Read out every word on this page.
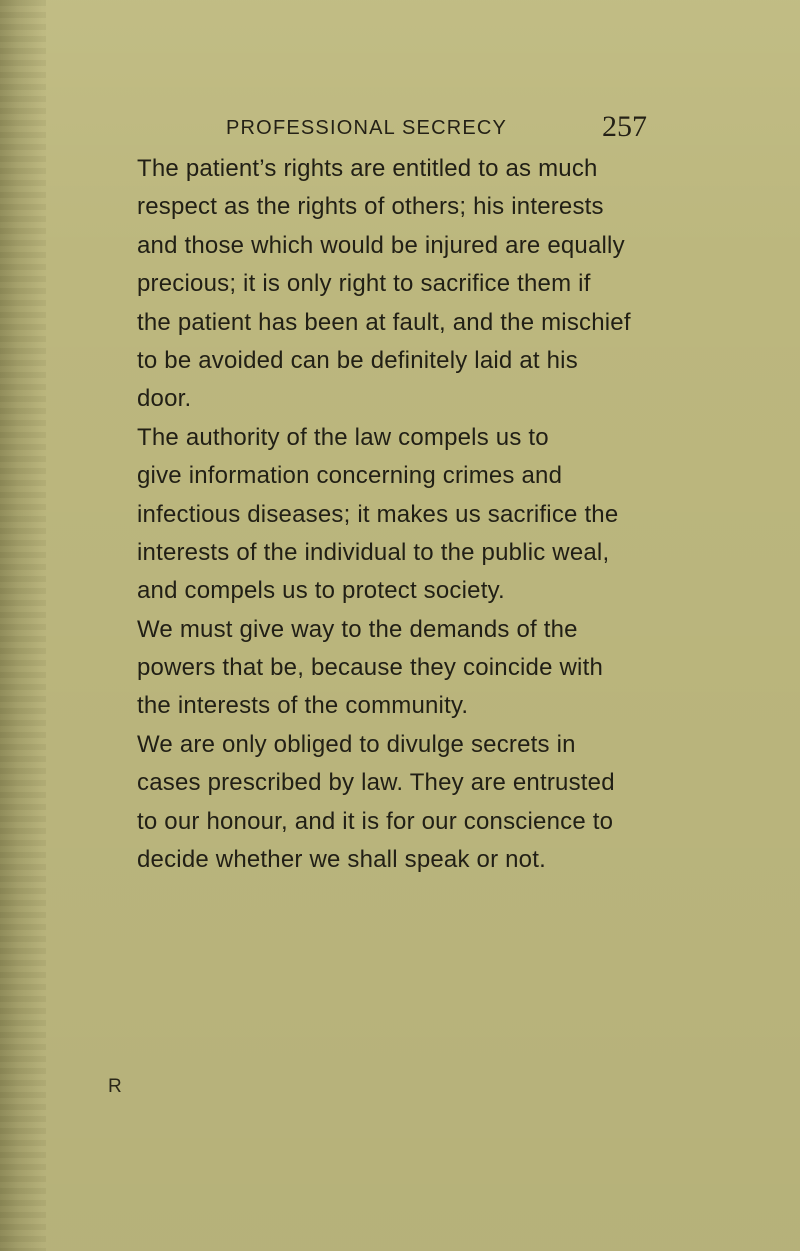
PROFESSIONAL SECRECY	257
The patient’s rights are entitled to as much
respect as the rights of others; his interests
and those which would be injured are equally
precious; it is only right to sacrifice them if
the patient has been at fault, and the mischief
to be avoided can be definitely laid at his
door.
The authority of the law compels us to
give information concerning crimes and
infectious diseases; it makes us sacrifice the
interests of the individual to the public weal,
and compels us to protect society.
We must give way to the demands of the
powers that be, because they coincide with
the interests of the community.
We are only obliged to divulge secrets in
cases prescribed by law. They are entrusted
to our honour, and it is for our conscience to
decide whether we shall speak or not.
R
